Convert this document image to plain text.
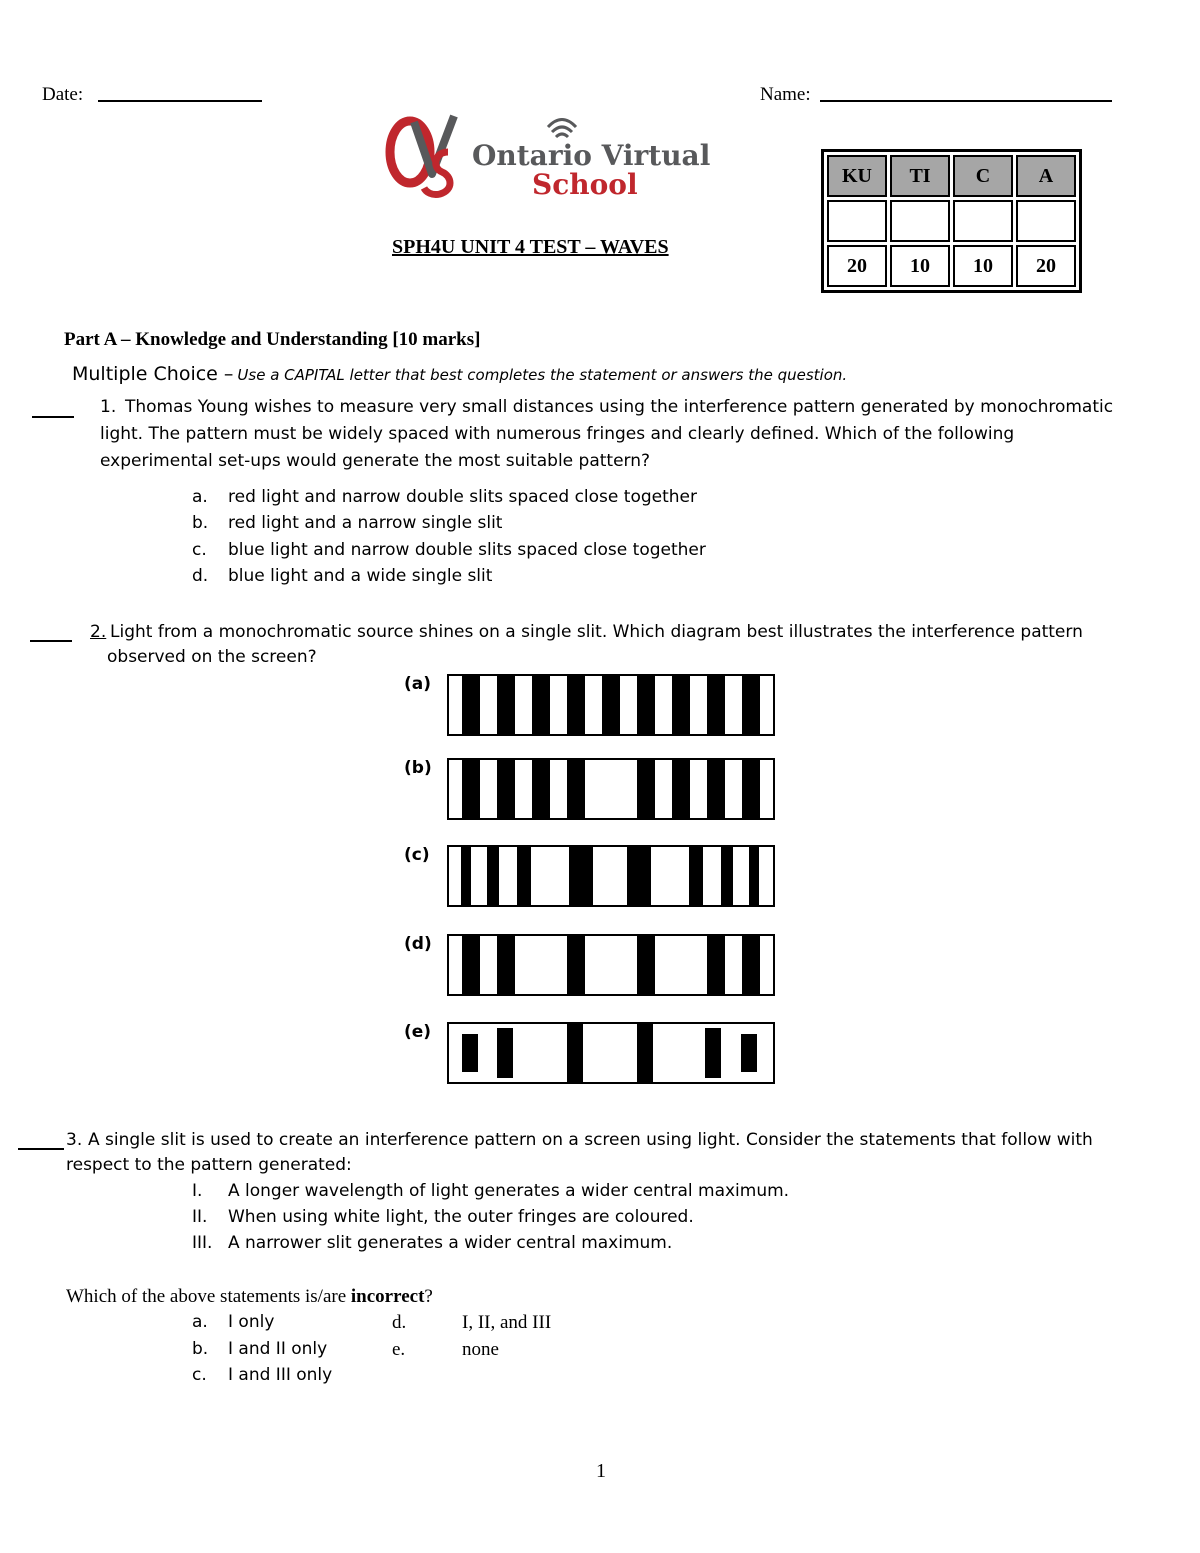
Date:	Name:
Ontario Virtual
School
SPH4U UNIT 4 TEST – WAVES
KU	TI	C	A

20	10	10	20
Part A – Knowledge and Understanding [10 marks]
Multiple Choice – Use a CAPITAL letter that best completes the statement or answers the question.
1. Thomas Young wishes to measure very small distances using the interference pattern generated by monochromatic
light. The pattern must be widely spaced with numerous fringes and clearly defined. Which of the following
experimental set-ups would generate the most suitable pattern?
a. red light and narrow double slits spaced close together
b. red light and a narrow single slit
c. blue light and narrow double slits spaced close together
d. blue light and a wide single slit
2. Light from a monochromatic source shines on a single slit. Which diagram best illustrates the interference pattern
observed on the screen?
(a)
(b)
(c)
(d)
(e)
3. A single slit is used to create an interference pattern on a screen using light. Consider the statements that follow with
respect to the pattern generated:
I. A longer wavelength of light generates a wider central maximum.
II. When using white light, the outer fringes are coloured.
III. A narrower slit generates a wider central maximum.
Which of the above statements is/are incorrect?
a. I only
b. I and II only
c. I and III only
d.	I, II, and III
e.	none
1
